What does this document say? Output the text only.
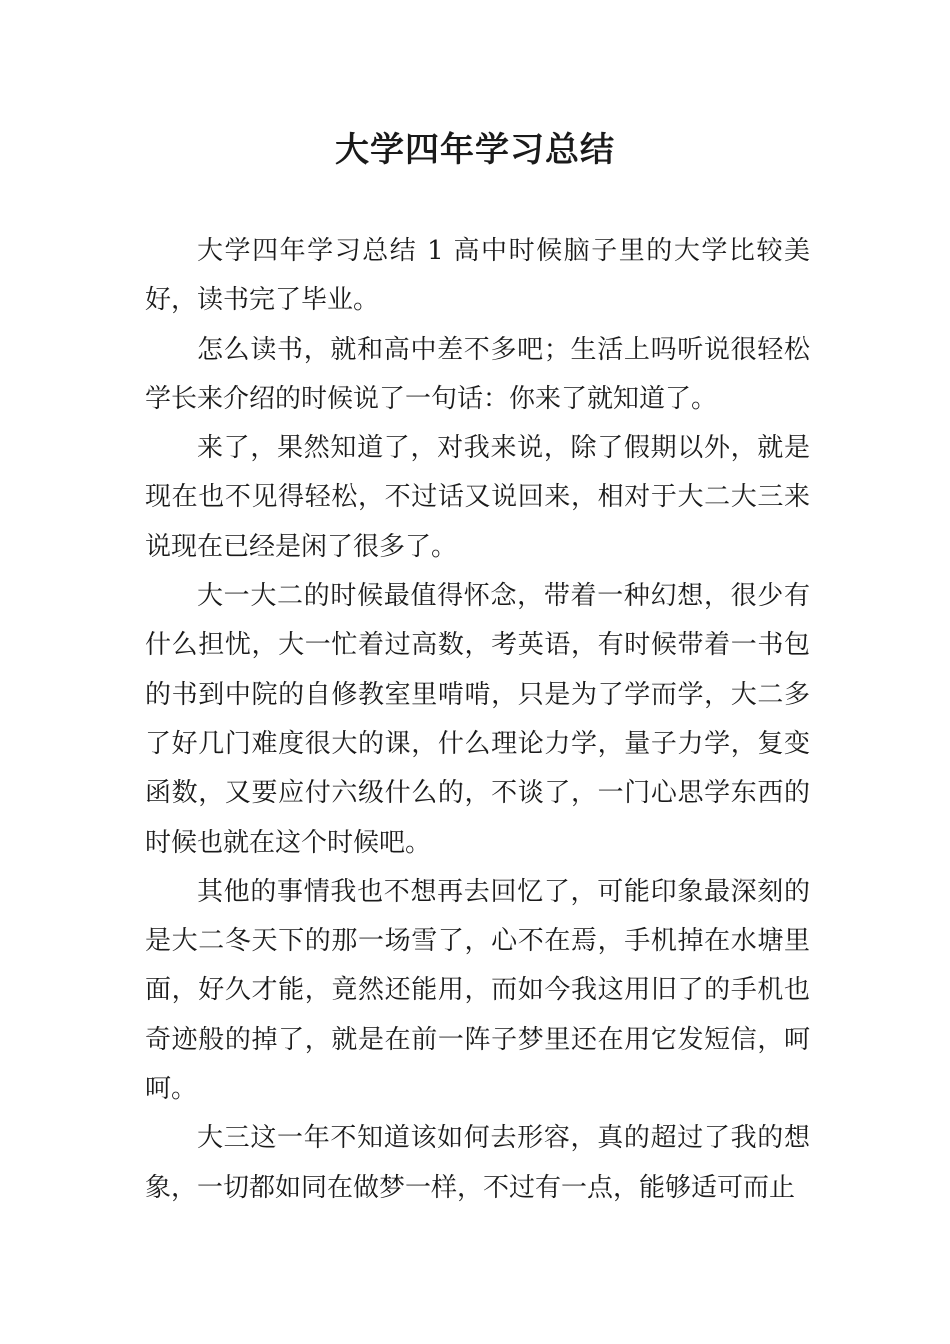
大学四年学习总结

大学四年学习总结 1 高中时候脑子里的大学比较美好，读书完了毕业。

怎么读书，就和高中差不多吧；生活上吗听说很轻松学长来介绍的时候说了一句话：你来了就知道了。

来了，果然知道了，对我来说，除了假期以外，就是现在也不见得轻松，不过话又说回来，相对于大二大三来说现在已经是闲了很多了。

大一大二的时候最值得怀念，带着一种幻想，很少有什么担忧，大一忙着过高数，考英语，有时候带着一书包的书到中院的自修教室里啃啃，只是为了学而学，大二多了好几门难度很大的课，什么理论力学，量子力学，复变函数，又要应付六级什么的，不谈了，一门心思学东西的时候也就在这个时候吧。

其他的事情我也不想再去回忆了，可能印象最深刻的是大二冬天下的那一场雪了，心不在焉，手机掉在水塘里面，好久才能，竟然还能用，而如今我这用旧了的手机也奇迹般的掉了，就是在前一阵子梦里还在用它发短信，呵呵。

大三这一年不知道该如何去形容，真的超过了我的想象，一切都如同在做梦一样，不过有一点，能够适可而止
